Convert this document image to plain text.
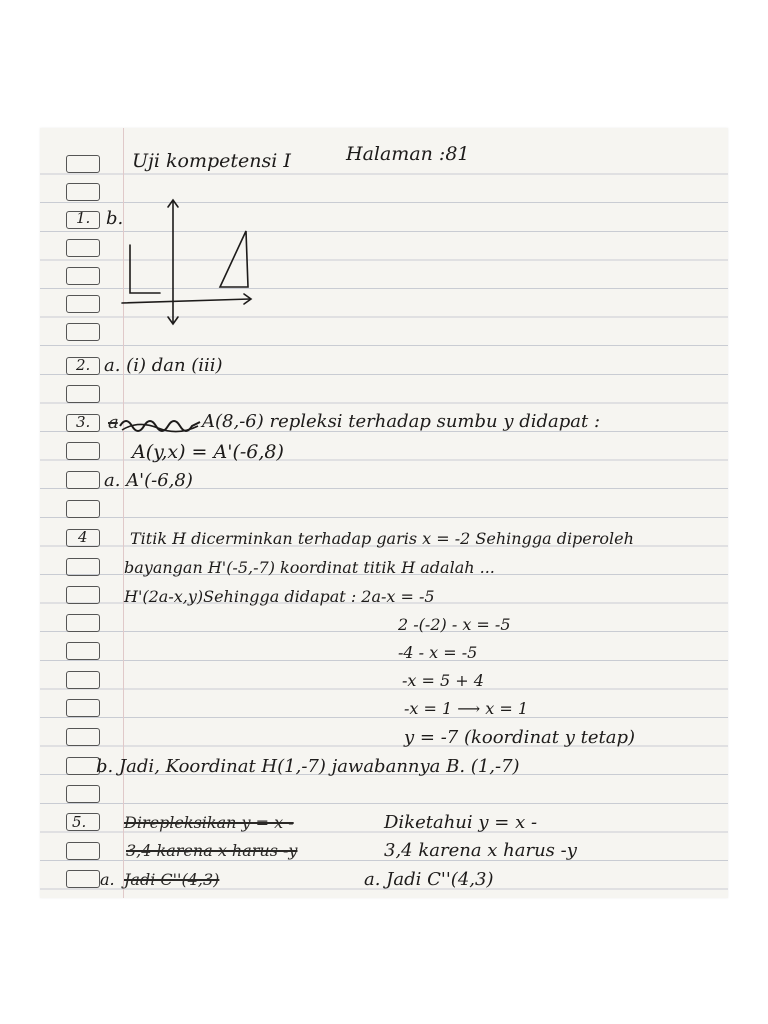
Uji kompetensi I	Halaman :81
1. b.
2. a. (i) dan (iii)
3. a	A(8,-6) repleksi terhadap sumbu y didapat :
A(y,x) = A'(-6,8)
a. A'(-6,8)
4	Titik H dicerminkan terhadap garis x = -2 Sehingga diperoleh
bayangan H'(-5,-7) koordinat titik H adalah ...
H'(2a-x,y)Sehingga didapat : 2a-x = -5
2 -(-2) - x = -5
-4 - x = -5
-x = 5 + 4
-x = 1 ⟶ x = 1
y = -7 (koordinat y tetap)
b. Jadi, Koordinat H(1,-7) jawabannya B. (1,-7)
5. Direpleksikan y = x -	Diketahui y = x -
3,4 karena x harus -y	3,4 karena x harus -y
a. Jadi C''(4,3)	a. Jadi C''(4,3)
